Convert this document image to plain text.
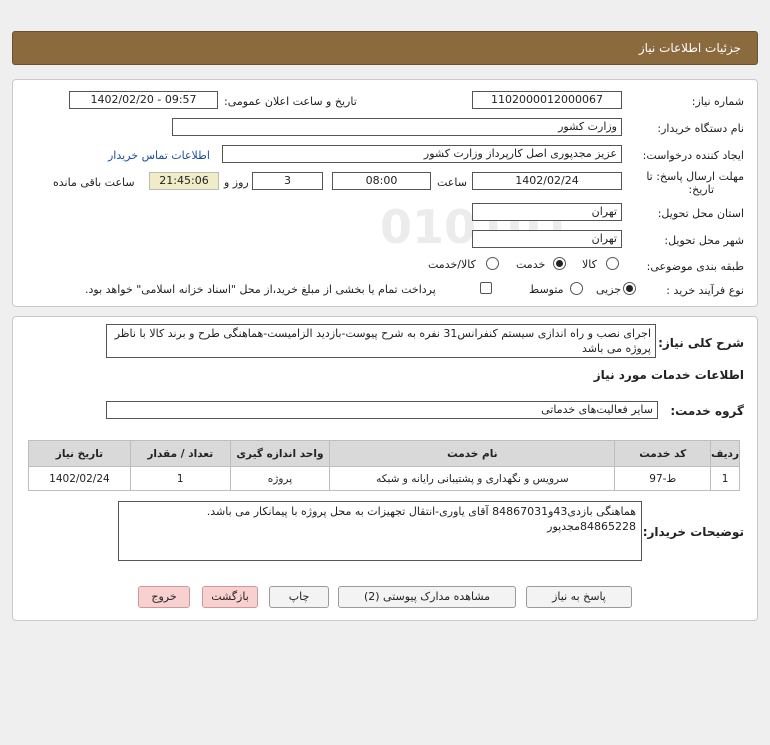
جزئیات اطلاعات نیاز
شماره نیاز:
1102000012000067
تاریخ و ساعت اعلان عمومی:
1402/02/20 - 09:57
نام دستگاه خریدار:
وزارت کشور
ایجاد کننده درخواست:
عزیز مجدپوری اصل کارپرداز وزارت کشور
اطلاعات تماس خریدار
مهلت ارسال پاسخ: تا
تاریخ:
1402/02/24
ساعت
08:00
3
روز و
21:45:06
ساعت باقی مانده
استان محل تحویل:
تهران
شهر محل تحویل:
تهران
طبقه بندی موضوعی:
کالا
خدمت
کالا/خدمت
نوع فرآیند خرید :
جزیی
متوسط
پرداخت تمام یا بخشی از مبلغ خرید،از محل "اسناد خزانه اسلامی" خواهد بود.
شرح کلی نیاز:
اجرای نصب و راه اندازی سیستم کنفرانس31 نفره به شرح پیوست-بازدید الزامیست-هماهنگی طرح و برند کالا با ناظر پروژه می باشد
اطلاعات خدمات مورد نیاز
گروه خدمت:
سایر فعالیت‌های خدماتی
ردیف	کد خدمت	نام خدمت	واحد اندازه گیری	تعداد / مقدار	تاریخ نیاز
1	ط-97	سرویس و نگهداری و پشتیبانی رایانه و شبکه	پروژه	1	1402/02/24
توضیحات خریدار:
هماهنگی بازدی43و84867031 آقای یاوری-انتقال تجهیزات به محل پروژه با پیمانکار می باشد.
84865228مجدپور
پاسخ به نیاز
مشاهده مدارک پیوستی (2)
چاپ
بازگشت
خروج
